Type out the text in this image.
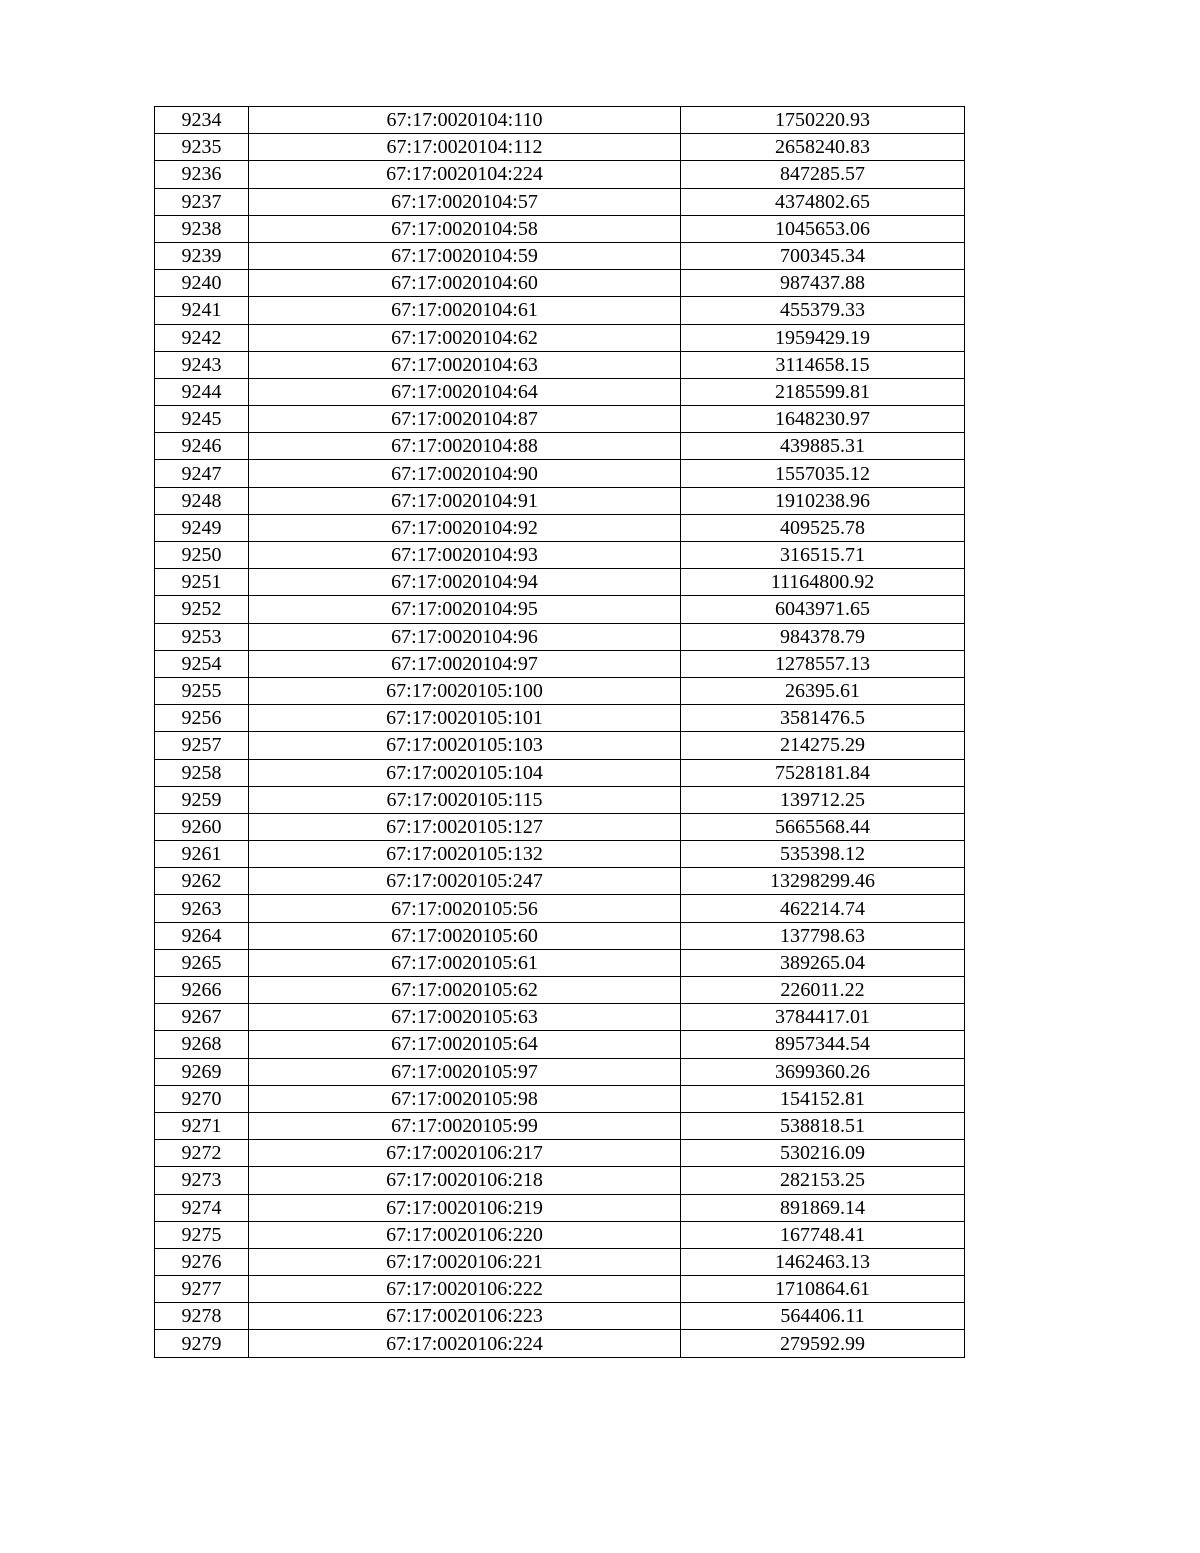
9234	67:17:0020104:110	1750220.93
9235	67:17:0020104:112	2658240.83
9236	67:17:0020104:224	847285.57
9237	67:17:0020104:57	4374802.65
9238	67:17:0020104:58	1045653.06
9239	67:17:0020104:59	700345.34
9240	67:17:0020104:60	987437.88
9241	67:17:0020104:61	455379.33
9242	67:17:0020104:62	1959429.19
9243	67:17:0020104:63	3114658.15
9244	67:17:0020104:64	2185599.81
9245	67:17:0020104:87	1648230.97
9246	67:17:0020104:88	439885.31
9247	67:17:0020104:90	1557035.12
9248	67:17:0020104:91	1910238.96
9249	67:17:0020104:92	409525.78
9250	67:17:0020104:93	316515.71
9251	67:17:0020104:94	11164800.92
9252	67:17:0020104:95	6043971.65
9253	67:17:0020104:96	984378.79
9254	67:17:0020104:97	1278557.13
9255	67:17:0020105:100	26395.61
9256	67:17:0020105:101	3581476.5
9257	67:17:0020105:103	214275.29
9258	67:17:0020105:104	7528181.84
9259	67:17:0020105:115	139712.25
9260	67:17:0020105:127	5665568.44
9261	67:17:0020105:132	535398.12
9262	67:17:0020105:247	13298299.46
9263	67:17:0020105:56	462214.74
9264	67:17:0020105:60	137798.63
9265	67:17:0020105:61	389265.04
9266	67:17:0020105:62	226011.22
9267	67:17:0020105:63	3784417.01
9268	67:17:0020105:64	8957344.54
9269	67:17:0020105:97	3699360.26
9270	67:17:0020105:98	154152.81
9271	67:17:0020105:99	538818.51
9272	67:17:0020106:217	530216.09
9273	67:17:0020106:218	282153.25
9274	67:17:0020106:219	891869.14
9275	67:17:0020106:220	167748.41
9276	67:17:0020106:221	1462463.13
9277	67:17:0020106:222	1710864.61
9278	67:17:0020106:223	564406.11
9279	67:17:0020106:224	279592.99
